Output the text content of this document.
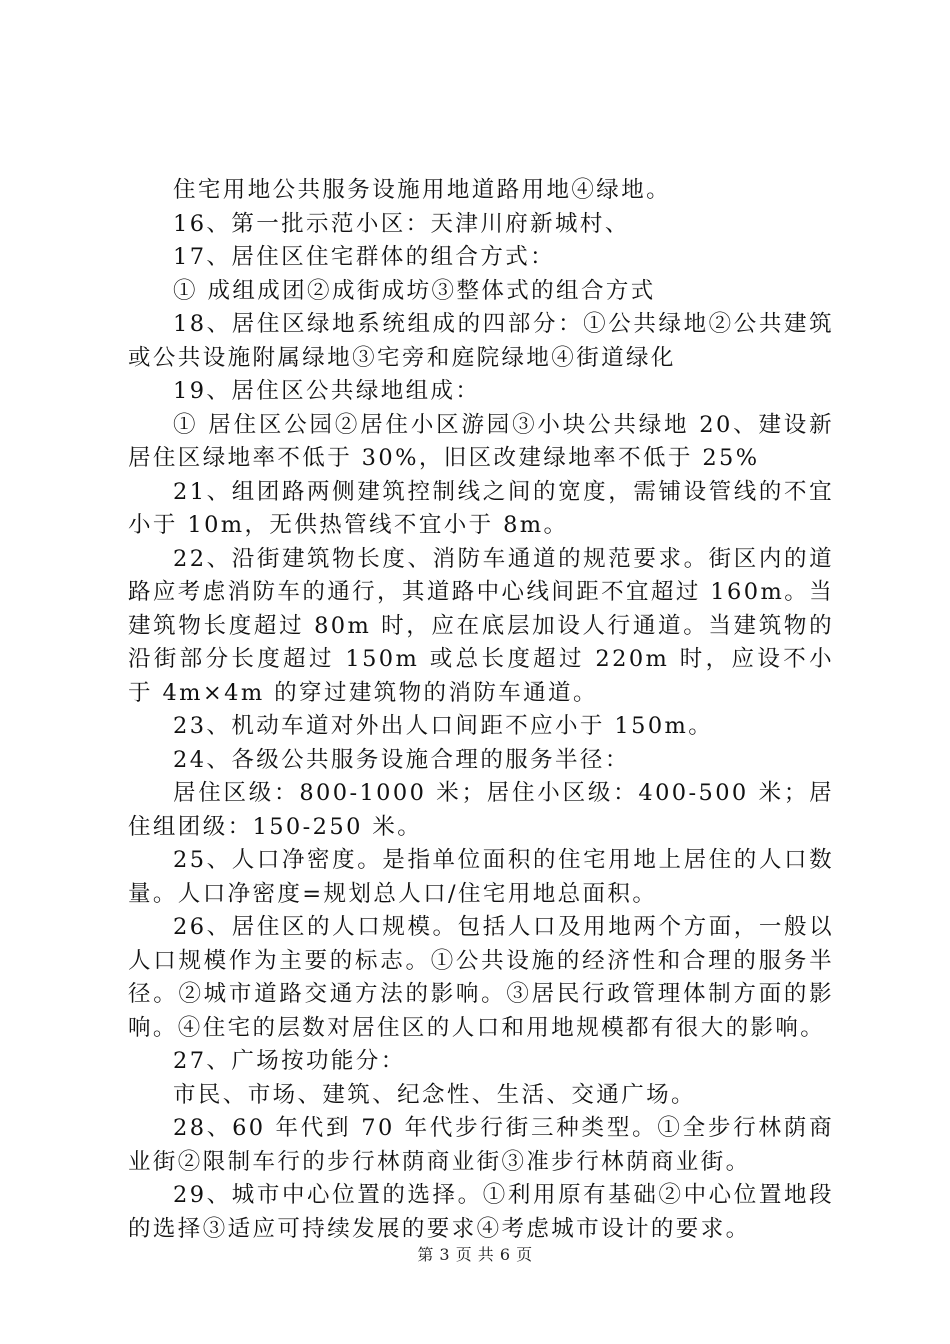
住宅用地公共服务设施用地道路用地④绿地。

16、第一批示范小区：天津川府新城村、

17、居住区住宅群体的组合方式：

① 成组成团②成街成坊③整体式的组合方式

18、居住区绿地系统组成的四部分：①公共绿地②公共建筑或公共设施附属绿地③宅旁和庭院绿地④街道绿化

19、居住区公共绿地组成：

① 居住区公园②居住小区游园③小块公共绿地 20、建设新居住区绿地率不低于 30%，旧区改建绿地率不低于 25%

21、组团路两侧建筑控制线之间的宽度，需铺设管线的不宜小于 10m，无供热管线不宜小于 8m。

22、沿街建筑物长度、消防车通道的规范要求。街区内的道路应考虑消防车的通行，其道路中心线间距不宜超过 160m。当建筑物长度超过 80m 时，应在底层加设人行通道。当建筑物的沿街部分长度超过 150m 或总长度超过 220m 时，应设不小于 4m×4m 的穿过建筑物的消防车通道。

23、机动车道对外出人口间距不应小于 150m。

24、各级公共服务设施合理的服务半径：

居住区级：800-1000 米；居住小区级：400-500 米；居住组团级：150-250 米。

25、人口净密度。是指单位面积的住宅用地上居住的人口数量。人口净密度=规划总人口/住宅用地总面积。

26、居住区的人口规模。包括人口及用地两个方面，一般以人口规模作为主要的标志。①公共设施的经济性和合理的服务半径。②城市道路交通方法的影响。③居民行政管理体制方面的影响。④住宅的层数对居住区的人口和用地规模都有很大的影响。

27、广场按功能分：

市民、市场、建筑、纪念性、生活、交通广场。

28、60 年代到 70 年代步行街三种类型。①全步行林荫商业街②限制车行的步行林荫商业街③准步行林荫商业街。

29、城市中心位置的选择。①利用原有基础②中心位置地段的选择③适应可持续发展的要求④考虑城市设计的要求。

第 3 页 共 6 页
